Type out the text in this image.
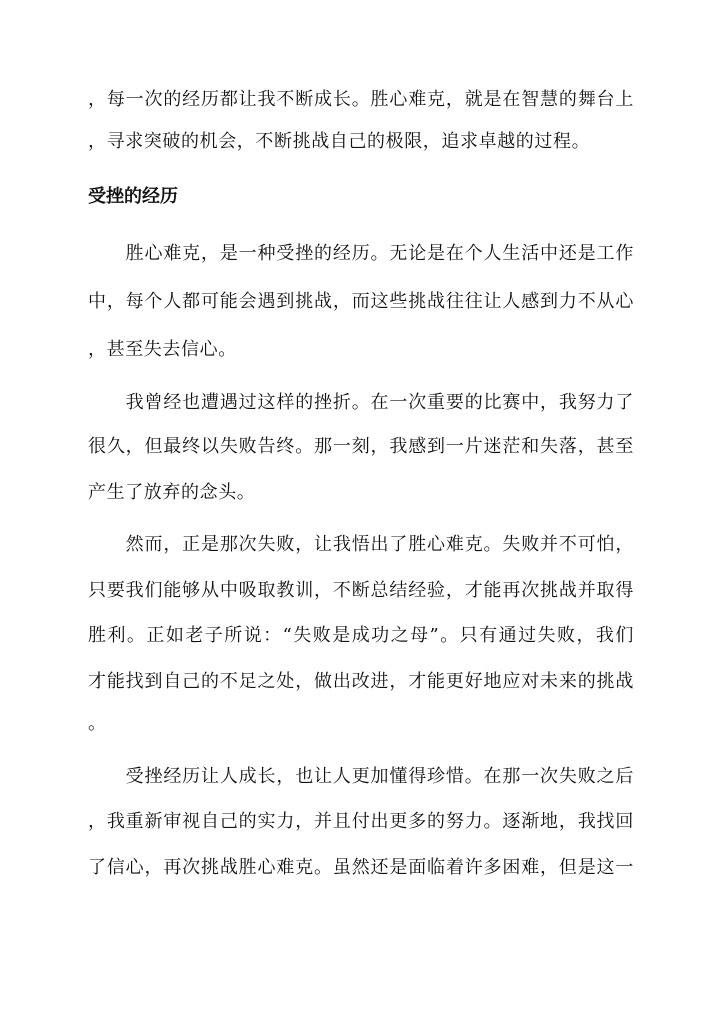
，每一次的经历都让我不断成长。胜心难克，就是在智慧的舞台上
，寻求突破的机会，不断挑战自己的极限，追求卓越的过程。
受挫的经历
　　胜心难克，是一种受挫的经历。无论是在个人生活中还是工作
中，每个人都可能会遇到挑战，而这些挑战往往让人感到力不从心
，甚至失去信心。
　　我曾经也遭遇过这样的挫折。在一次重要的比赛中，我努力了
很久，但最终以失败告终。那一刻，我感到一片迷茫和失落，甚至
产生了放弃的念头。
　　然而，正是那次失败，让我悟出了胜心难克。失败并不可怕，
只要我们能够从中吸取教训，不断总结经验，才能再次挑战并取得
胜利。正如老子所说：“失败是成功之母”。只有通过失败，我们
才能找到自己的不足之处，做出改进，才能更好地应对未来的挑战
。
　　受挫经历让人成长，也让人更加懂得珍惜。在那一次失败之后
，我重新审视自己的实力，并且付出更多的努力。逐渐地，我找回
了信心，再次挑战胜心难克。虽然还是面临着许多困难，但是这一
